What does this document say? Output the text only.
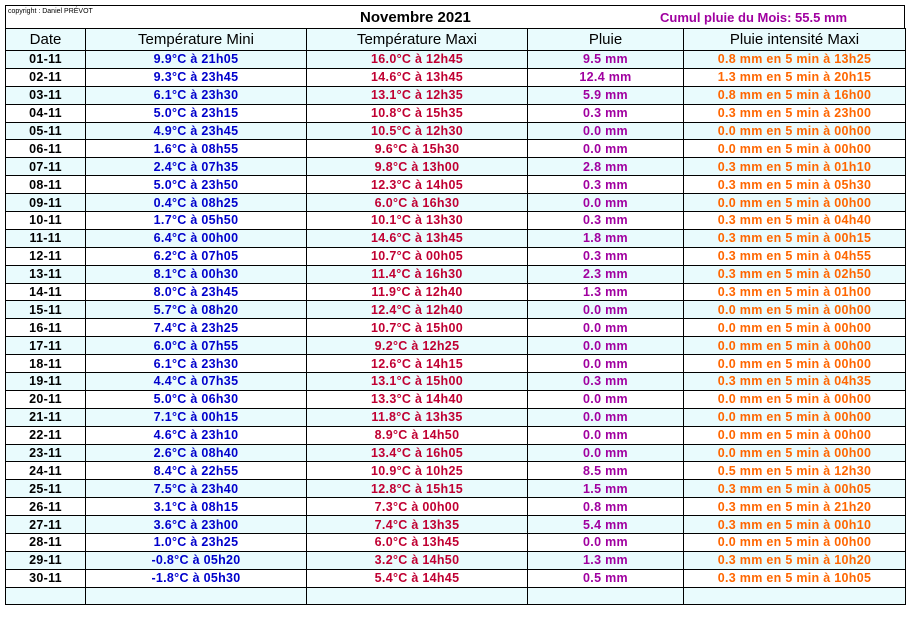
copyright : Daniel PRÉVOT	Novembre 2021	Cumul pluie du Mois: 55.5 mm
Date	Température Mini	Température Maxi	Pluie	Pluie intensité Maxi
01-11	9.9°C à 21h05	16.0°C à 12h45	9.5 mm	0.8 mm en 5 min à 13h25
02-11	9.3°C à 23h45	14.6°C à 13h45	12.4 mm	1.3 mm en 5 min à 20h15
03-11	6.1°C à 23h30	13.1°C à 12h35	5.9 mm	0.8 mm en 5 min à 16h00
04-11	5.0°C à 23h15	10.8°C à 15h35	0.3 mm	0.3 mm en 5 min à 23h00
05-11	4.9°C à 23h45	10.5°C à 12h30	0.0 mm	0.0 mm en 5 min à 00h00
06-11	1.6°C à 08h55	9.6°C à 15h30	0.0 mm	0.0 mm en 5 min à 00h00
07-11	2.4°C à 07h35	9.8°C à 13h00	2.8 mm	0.3 mm en 5 min à 01h10
08-11	5.0°C à 23h50	12.3°C à 14h05	0.3 mm	0.3 mm en 5 min à 05h30
09-11	0.4°C à 08h25	6.0°C à 16h30	0.0 mm	0.0 mm en 5 min à 00h00
10-11	1.7°C à 05h50	10.1°C à 13h30	0.3 mm	0.3 mm en 5 min à 04h40
11-11	6.4°C à 00h00	14.6°C à 13h45	1.8 mm	0.3 mm en 5 min à 00h15
12-11	6.2°C à 07h05	10.7°C à 00h05	0.3 mm	0.3 mm en 5 min à 04h55
13-11	8.1°C à 00h30	11.4°C à 16h30	2.3 mm	0.3 mm en 5 min à 02h50
14-11	8.0°C à 23h45	11.9°C à 12h40	1.3 mm	0.3 mm en 5 min à 01h00
15-11	5.7°C à 08h20	12.4°C à 12h40	0.0 mm	0.0 mm en 5 min à 00h00
16-11	7.4°C à 23h25	10.7°C à 15h00	0.0 mm	0.0 mm en 5 min à 00h00
17-11	6.0°C à 07h55	9.2°C à 12h25	0.0 mm	0.0 mm en 5 min à 00h00
18-11	6.1°C à 23h30	12.6°C à 14h15	0.0 mm	0.0 mm en 5 min à 00h00
19-11	4.4°C à 07h35	13.1°C à 15h00	0.3 mm	0.3 mm en 5 min à 04h35
20-11	5.0°C à 06h30	13.3°C à 14h40	0.0 mm	0.0 mm en 5 min à 00h00
21-11	7.1°C à 00h15	11.8°C à 13h35	0.0 mm	0.0 mm en 5 min à 00h00
22-11	4.6°C à 23h10	8.9°C à 14h50	0.0 mm	0.0 mm en 5 min à 00h00
23-11	2.6°C à 08h40	13.4°C à 16h05	0.0 mm	0.0 mm en 5 min à 00h00
24-11	8.4°C à 22h55	10.9°C à 10h25	8.5 mm	0.5 mm en 5 min à 12h30
25-11	7.5°C à 23h40	12.8°C à 15h15	1.5 mm	0.3 mm en 5 min à 00h05
26-11	3.1°C à 08h15	7.3°C à 00h00	0.8 mm	0.3 mm en 5 min à 21h20
27-11	3.6°C à 23h00	7.4°C à 13h35	5.4 mm	0.3 mm en 5 min à 00h10
28-11	1.0°C à 23h25	6.0°C à 13h45	0.0 mm	0.0 mm en 5 min à 00h00
29-11	-0.8°C à 05h20	3.2°C à 14h50	1.3 mm	0.3 mm en 5 min à 10h20
30-11	-1.8°C à 05h30	5.4°C à 14h45	0.5 mm	0.3 mm en 5 min à 10h05
